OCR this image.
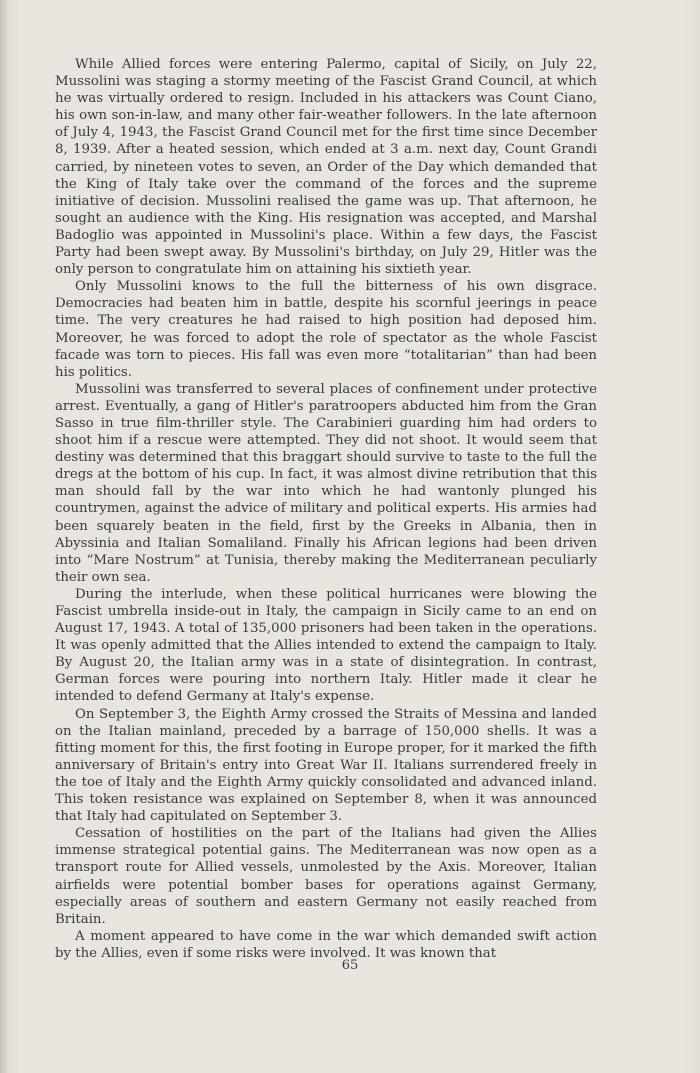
While Allied forces were entering Palermo, capital of Sicily, on July 22, Mussolini was staging a stormy meeting of the Fascist Grand Council, at which he was virtually ordered to resign. Included in his attackers was Count Ciano, his own son-in-law, and many other fair-weather followers. In the late afternoon of July 4, 1943, the Fascist Grand Council met for the first time since December 8, 1939. After a heated session, which ended at 3 a.m. next day, Count Grandi carried, by nineteen votes to seven, an Order of the Day which demanded that the King of Italy take over the command of the forces and the supreme initiative of decision. Mussolini realised the game was up. That afternoon, he sought an audience with the King. His resignation was accepted, and Marshal Badoglio was appointed in Mussolini's place. Within a few days, the Fascist Party had been swept away. By Mussolini's birthday, on July 29, Hitler was the only person to congratulate him on attaining his sixtieth year.

Only Mussolini knows to the full the bitterness of his own disgrace. Democracies had beaten him in battle, despite his scornful jeerings in peace time. The very creatures he had raised to high position had deposed him. Moreover, he was forced to adopt the role of spectator as the whole Fascist facade was torn to pieces. His fall was even more “totalitarian” than had been his politics.

Mussolini was transferred to several places of confinement under protective arrest. Eventually, a gang of Hitler's paratroopers abducted him from the Gran Sasso in true film-thriller style. The Carabinieri guarding him had orders to shoot him if a rescue were attempted. They did not shoot. It would seem that destiny was determined that this braggart should survive to taste to the full the dregs at the bottom of his cup. In fact, it was almost divine retribution that this man should fall by the war into which he had wantonly plunged his countrymen, against the advice of military and political experts. His armies had been squarely beaten in the field, first by the Greeks in Albania, then in Abyssinia and Italian Somaliland. Finally his African legions had been driven into “Mare Nostrum” at Tunisia, thereby making the Mediterranean peculiarly their own sea.

During the interlude, when these political hurricanes were blowing the Fascist umbrella inside-out in Italy, the campaign in Sicily came to an end on August 17, 1943. A total of 135,000 prisoners had been taken in the operations. It was openly admitted that the Allies intended to extend the campaign to Italy. By August 20, the Italian army was in a state of disintegration. In contrast, German forces were pouring into northern Italy. Hitler made it clear he intended to defend Germany at Italy's expense.

On September 3, the Eighth Army crossed the Straits of Messina and landed on the Italian mainland, preceded by a barrage of 150,000 shells. It was a fitting moment for this, the first footing in Europe proper, for it marked the fifth anniversary of Britain's entry into Great War II. Italians surrendered freely in the toe of Italy and the Eighth Army quickly consolidated and advanced inland. This token resistance was explained on September 8, when it was announced that Italy had capitulated on September 3.

Cessation of hostilities on the part of the Italians had given the Allies immense strategical potential gains. The Mediterranean was now open as a transport route for Allied vessels, unmolested by the Axis. Moreover, Italian airfields were potential bomber bases for operations against Germany, especially areas of southern and eastern Germany not easily reached from Britain.

A moment appeared to have come in the war which demanded swift action by the Allies, even if some risks were involved. It was known that

65
